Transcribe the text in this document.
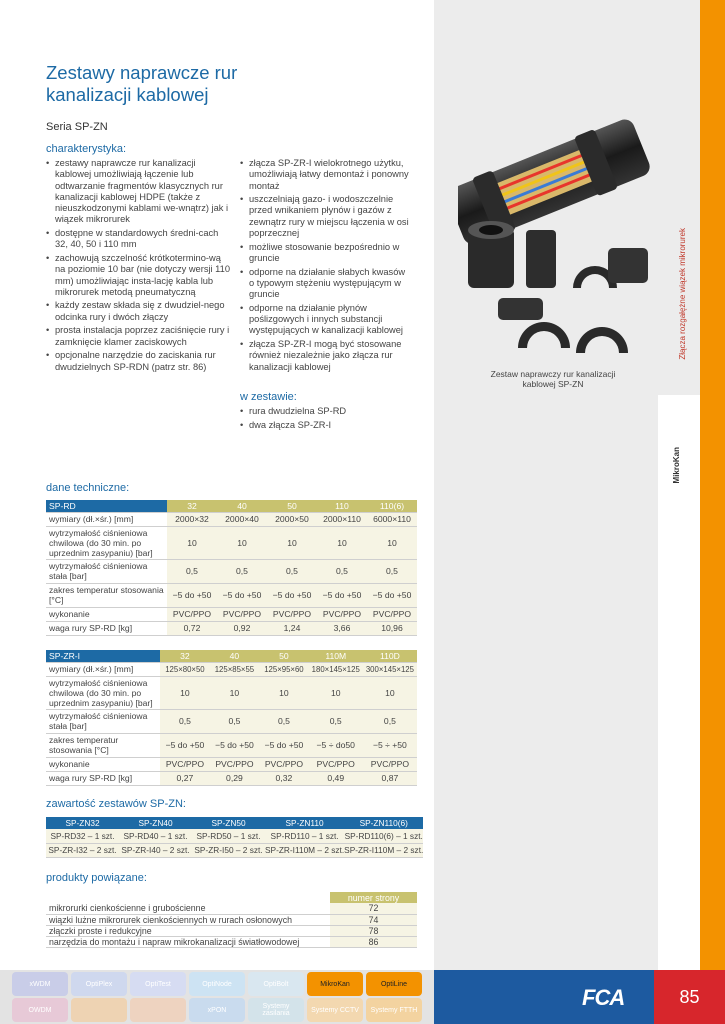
Złącza rozgałężne wiązek mikrorurek
MikroKan
Zestawy naprawcze rur
kanalizacji kablowej
Seria SP-ZN
charakterystyka:
• zestawy naprawcze rur kanalizacji kablowej umożliwiają łączenie lub odtwarzanie fragmentów klasycznych rur kanalizacji kablowej HDPE (także z nieuszkodzonymi kablami we-wnątrz) jak i wiązek mikrorurek
• dostępne w standardowych średni-cach 32, 40, 50 i 110 mm
• zachowują szczelność krótkotermino-wą na poziomie 10 bar (nie dotyczy wersji 110 mm) umożliwiając insta-lację kabla lub mikrorurek metodą pneumatyczną
• każdy zestaw składa się z dwudziel-nego odcinka rury i dwóch złączy
• prosta instalacja poprzez zaciśnięcie rury i zamknięcie klamer zaciskowych
• opcjonalne narzędzie do zaciskania rur dwudzielnych SP-RDN (patrz str. 86)
• złącza SP-ZR-I wielokrotnego użytku, umożliwiają łatwy demontaż i ponowny montaż
• uszczelniają gazo- i wodoszczelnie przed wnikaniem płynów i gazów z zewnątrz rury w miejscu łączenia w osi poprzecznej
• możliwe stosowanie bezpośrednio w gruncie
• odporne na działanie słabych kwasów o typowym stężeniu występującym w gruncie
• odporne na działanie płynów poślizgowych i innych substancji występujących w kanalizacji kablowej
• złącza SP-ZR-I mogą być stosowane również niezależnie jako złącza rur kanalizacji kablowej
w zestawie:
• rura dwudzielna SP-RD
• dwa złącza SP-ZR-I
Zestaw naprawczy rur kanalizacji kablowej SP-ZN
dane techniczne:
SP-RD	32	40	50	110	110(6)
wymiary (dł.×śr.) [mm]	2000×32	2000×40	2000×50	2000×110	6000×110
wytrzymałość ciśnieniowa chwilowa (do 30 min. po uprzednim zasypaniu) [bar]	10	10	10	10	10
wytrzymałość ciśnieniowa stała [bar]	0,5	0,5	0,5	0,5	0,5
zakres temperatur stosowania [°C]	−5 do +50	−5 do +50	−5 do +50	−5 do +50	−5 do +50
wykonanie	PVC/PPO	PVC/PPO	PVC/PPO	PVC/PPO	PVC/PPO
waga rury SP-RD [kg]	0,72	0,92	1,24	3,66	10,96
SP-ZR-I	32	40	50	110M	110D
wymiary (dł.×śr.) [mm]	125×80×50	125×85×55	125×95×60	180×145×125	300×145×125
wytrzymałość ciśnieniowa chwilowa (do 30 min. po uprzednim zasypaniu) [bar]	10	10	10	10	10
wytrzymałość ciśnieniowa stała [bar]	0,5	0,5	0,5	0,5	0,5
zakres temperatur stosowania [°C]	−5 do +50	−5 do +50	−5 do +50	−5 ÷ do50	−5 ÷ +50
wykonanie	PVC/PPO	PVC/PPO	PVC/PPO	PVC/PPO	PVC/PPO
waga rury SP-RD [kg]	0,27	0,29	0,32	0,49	0,87
zawartość zestawów SP-ZN:
SP-ZN32	SP-ZN40	SP-ZN50	SP-ZN110	SP-ZN110(6)
SP-RD32 – 1 szt.	SP-RD40 – 1 szt.	SP-RD50 – 1 szt.	SP-RD110 – 1 szt.	SP-RD110(6) – 1 szt.
SP-ZR-I32 – 2 szt.	SP-ZR-I40 – 2 szt.	SP-ZR-I50 – 2 szt.	SP-ZR-I110M – 2 szt.	SP-ZR-I110M – 2 szt.
produkty powiązane:
	numer strony
mikrorurki cienkościenne i grubościenne	72
wiązki lużne mikrorurek cienkościennych w rurach osłonowych	74
złączki proste i redukcyjne	78
narzędzia do montażu i napraw mikrokanalizacji światłowodowej	86
xWDM	OptiPlex	OptiTest	OptiNode	OptiBolt	MikroKan	OptiLine
OWDM	xPON	Systemy zasilania	Systemy CCTV	Systemy FTTH	FCA	85
